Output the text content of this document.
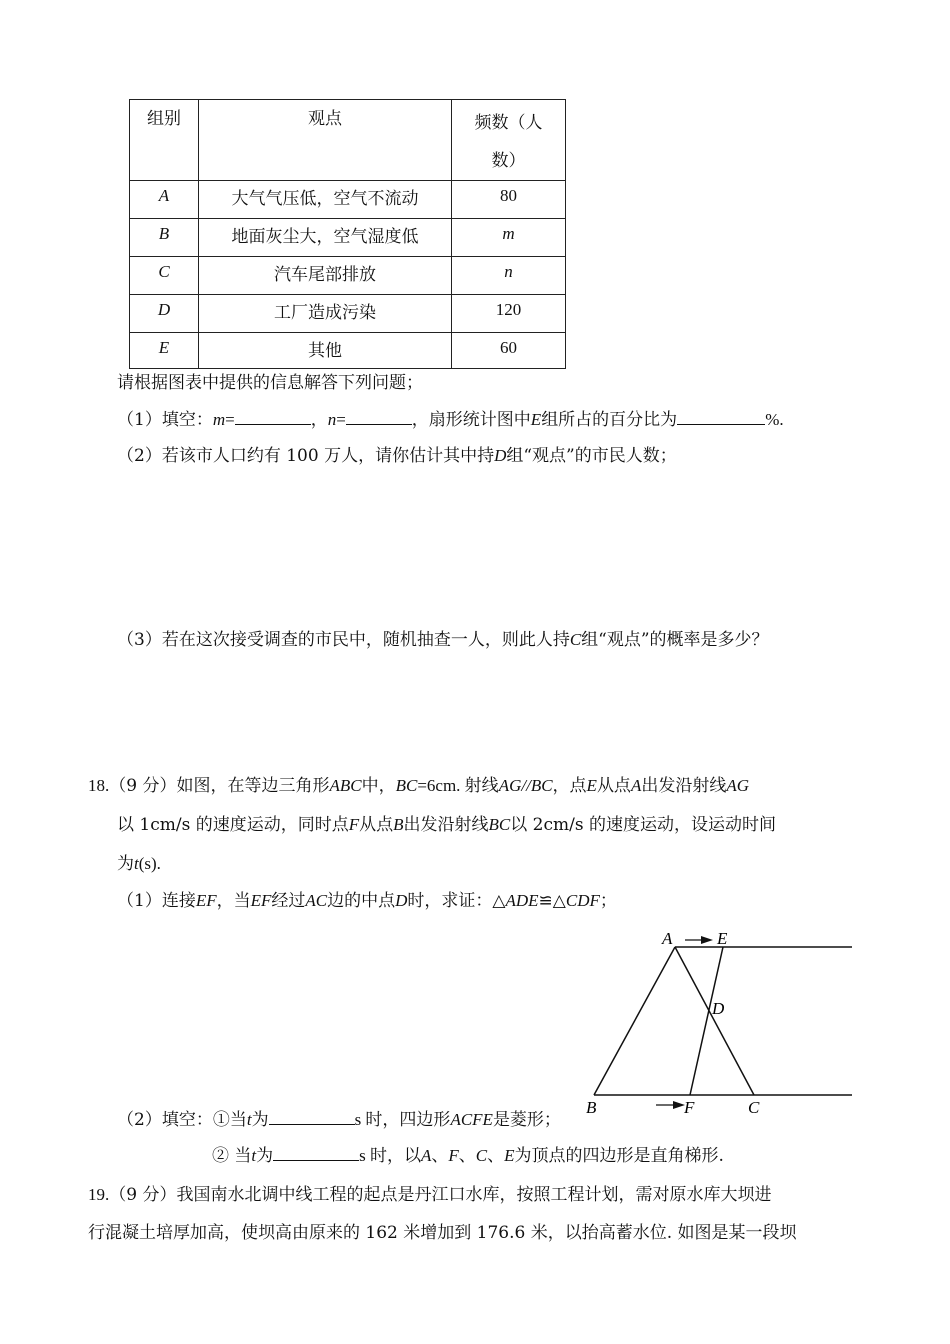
组别	观点	频数（人
数）
A	大气气压低，空气不流动	80
B	地面灰尘大，空气湿度低	m
C	汽车尾部排放	n
D	工厂造成污染	120
E	其他	60
请根据图表中提供的信息解答下列问题；
（1）填空：m=	，n=	，扇形统计图中E组所占的百分比为	%.
（2）若该市人口约有 100 万人，请你估计其中持D组“观点”的市民人数；
（3）若在这次接受调查的市民中，随机抽查一人，则此人持C组“观点”的概率是多少？
18.（9 分）如图，在等边三角形ABC中，BC=6cm. 射线AG//BC，点E从点A出发沿射线AG
以 1cm/s 的速度运动，同时点F从点B出发沿射线BC以 2cm/s 的速度运动，设运动时间
为t(s).
（1）连接EF，当EF经过AC边的中点D时，求证：△ADE≌△CDF；
A	E
D
B	F	C
（2）填空：①当t为	s 时，四边形ACFE是菱形；
② 当t为	s 时，以A、F、C、E为顶点的四边形是直角梯形.
19.（9 分）我国南水北调中线工程的起点是丹江口水库，按照工程计划，需对原水库大坝进
行混凝土培厚加高，使坝高由原来的 162 米增加到 176.6 米，以抬高蓄水位. 如图是某一段坝
